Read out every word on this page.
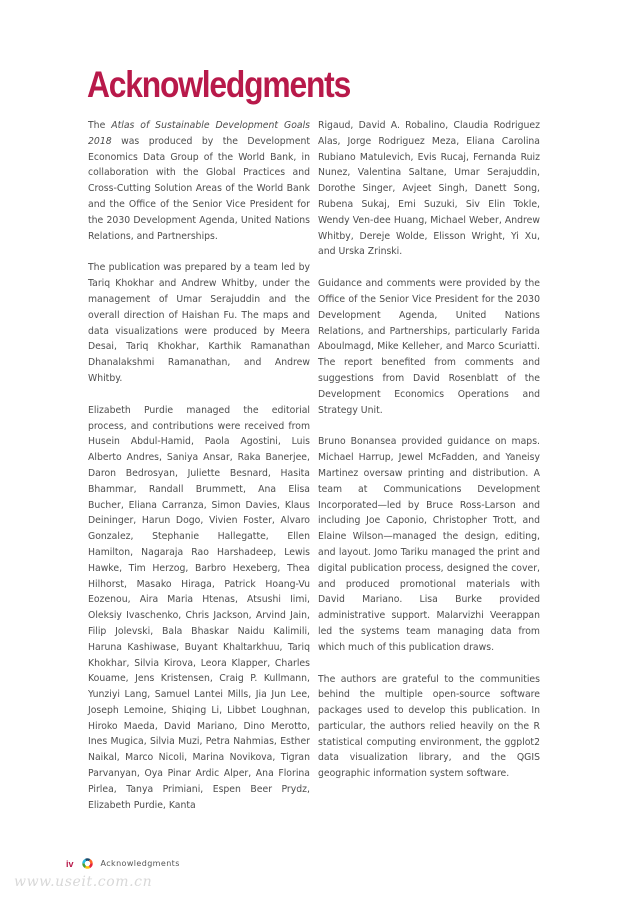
Acknowledgments

The Atlas of Sustainable Development Goals 2018 was produced by the Development Economics Data Group of the World Bank, in collaboration with the Global Practices and Cross-Cutting Solution Areas of the World Bank and the Office of the Senior Vice President for the 2030 Development Agenda, United Nations Relations, and Partnerships.

The publication was prepared by a team led by Tariq Khokhar and Andrew Whitby, under the management of Umar Serajuddin and the overall direction of Haishan Fu. The maps and data visualizations were produced by Meera Desai, Tariq Khokhar, Karthik Ramanathan Dhanalakshmi Ramanathan, and Andrew Whitby.

Elizabeth Purdie managed the editorial process, and contributions were received from Husein Abdul-Hamid, Paola Agostini, Luis Alberto Andres, Saniya Ansar, Raka Banerjee, Daron Bedrosyan, Juliette Besnard, Hasita Bhammar, Randall Brummett, Ana Elisa Bucher, Eliana Carranza, Simon Davies, Klaus Deininger, Harun Dogo, Vivien Foster, Alvaro Gonzalez, Stephanie Hallegatte, Ellen Hamilton, Nagaraja Rao Harshadeep, Lewis Hawke, Tim Herzog, Barbro Hexeberg, Thea Hilhorst, Masako Hiraga, Patrick Hoang-Vu Eozenou, Aira Maria Htenas, Atsushi Iimi, Oleksiy Ivaschenko, Chris Jackson, Arvind Jain, Filip Jolevski, Bala Bhaskar Naidu Kalimili, Haruna Kashiwase, Buyant Khaltarkhuu, Tariq Khokhar, Silvia Kirova, Leora Klapper, Charles Kouame, Jens Kristensen, Craig P. Kullmann, Yunziyi Lang, Samuel Lantei Mills, Jia Jun Lee, Joseph Lemoine, Shiqing Li, Libbet Loughnan, Hiroko Maeda, David Mariano, Dino Merotto, Ines Mugica, Silvia Muzi, Petra Nahmias, Esther Naikal, Marco Nicoli, Marina Novikova, Tigran Parvanyan, Oya Pinar Ardic Alper, Ana Florina Pirlea, Tanya Primiani, Espen Beer Prydz, Elizabeth Purdie, Kanta

Rigaud, David A. Robalino, Claudia Rodriguez Alas, Jorge Rodriguez Meza, Eliana Carolina Rubiano Matulevich, Evis Rucaj, Fernanda Ruiz Nunez, Valentina Saltane, Umar Serajuddin, Dorothe Singer, Avjeet Singh, Danett Song, Rubena Sukaj, Emi Suzuki, Siv Elin Tokle, Wendy Ven-dee Huang, Michael Weber, Andrew Whitby, Dereje Wolde, Elisson Wright, Yi Xu, and Urska Zrinski.

Guidance and comments were provided by the Office of the Senior Vice President for the 2030 Development Agenda, United Nations Relations, and Partnerships, particularly Farida Aboulmagd, Mike Kelleher, and Marco Scuriatti. The report benefited from comments and suggestions from David Rosenblatt of the Development Economics Operations and Strategy Unit.

Bruno Bonansea provided guidance on maps. Michael Harrup, Jewel McFadden, and Yaneisy Martinez oversaw printing and distribution. A team at Communications Development Incorporated—led by Bruce Ross-Larson and including Joe Caponio, Christopher Trott, and Elaine Wilson—managed the design, editing, and layout. Jomo Tariku managed the print and digital publication process, designed the cover, and produced promotional materials with David Mariano. Lisa Burke provided administrative support. Malarvizhi Veerappan led the systems team managing data from which much of this publication draws.

The authors are grateful to the communities behind the multiple open-source software packages used to develop this publication. In particular, the authors relied heavily on the R statistical computing environment, the ggplot2 data visualization library, and the QGIS geographic information system software.

iv	Acknowledgments
www.useit.com.cn
